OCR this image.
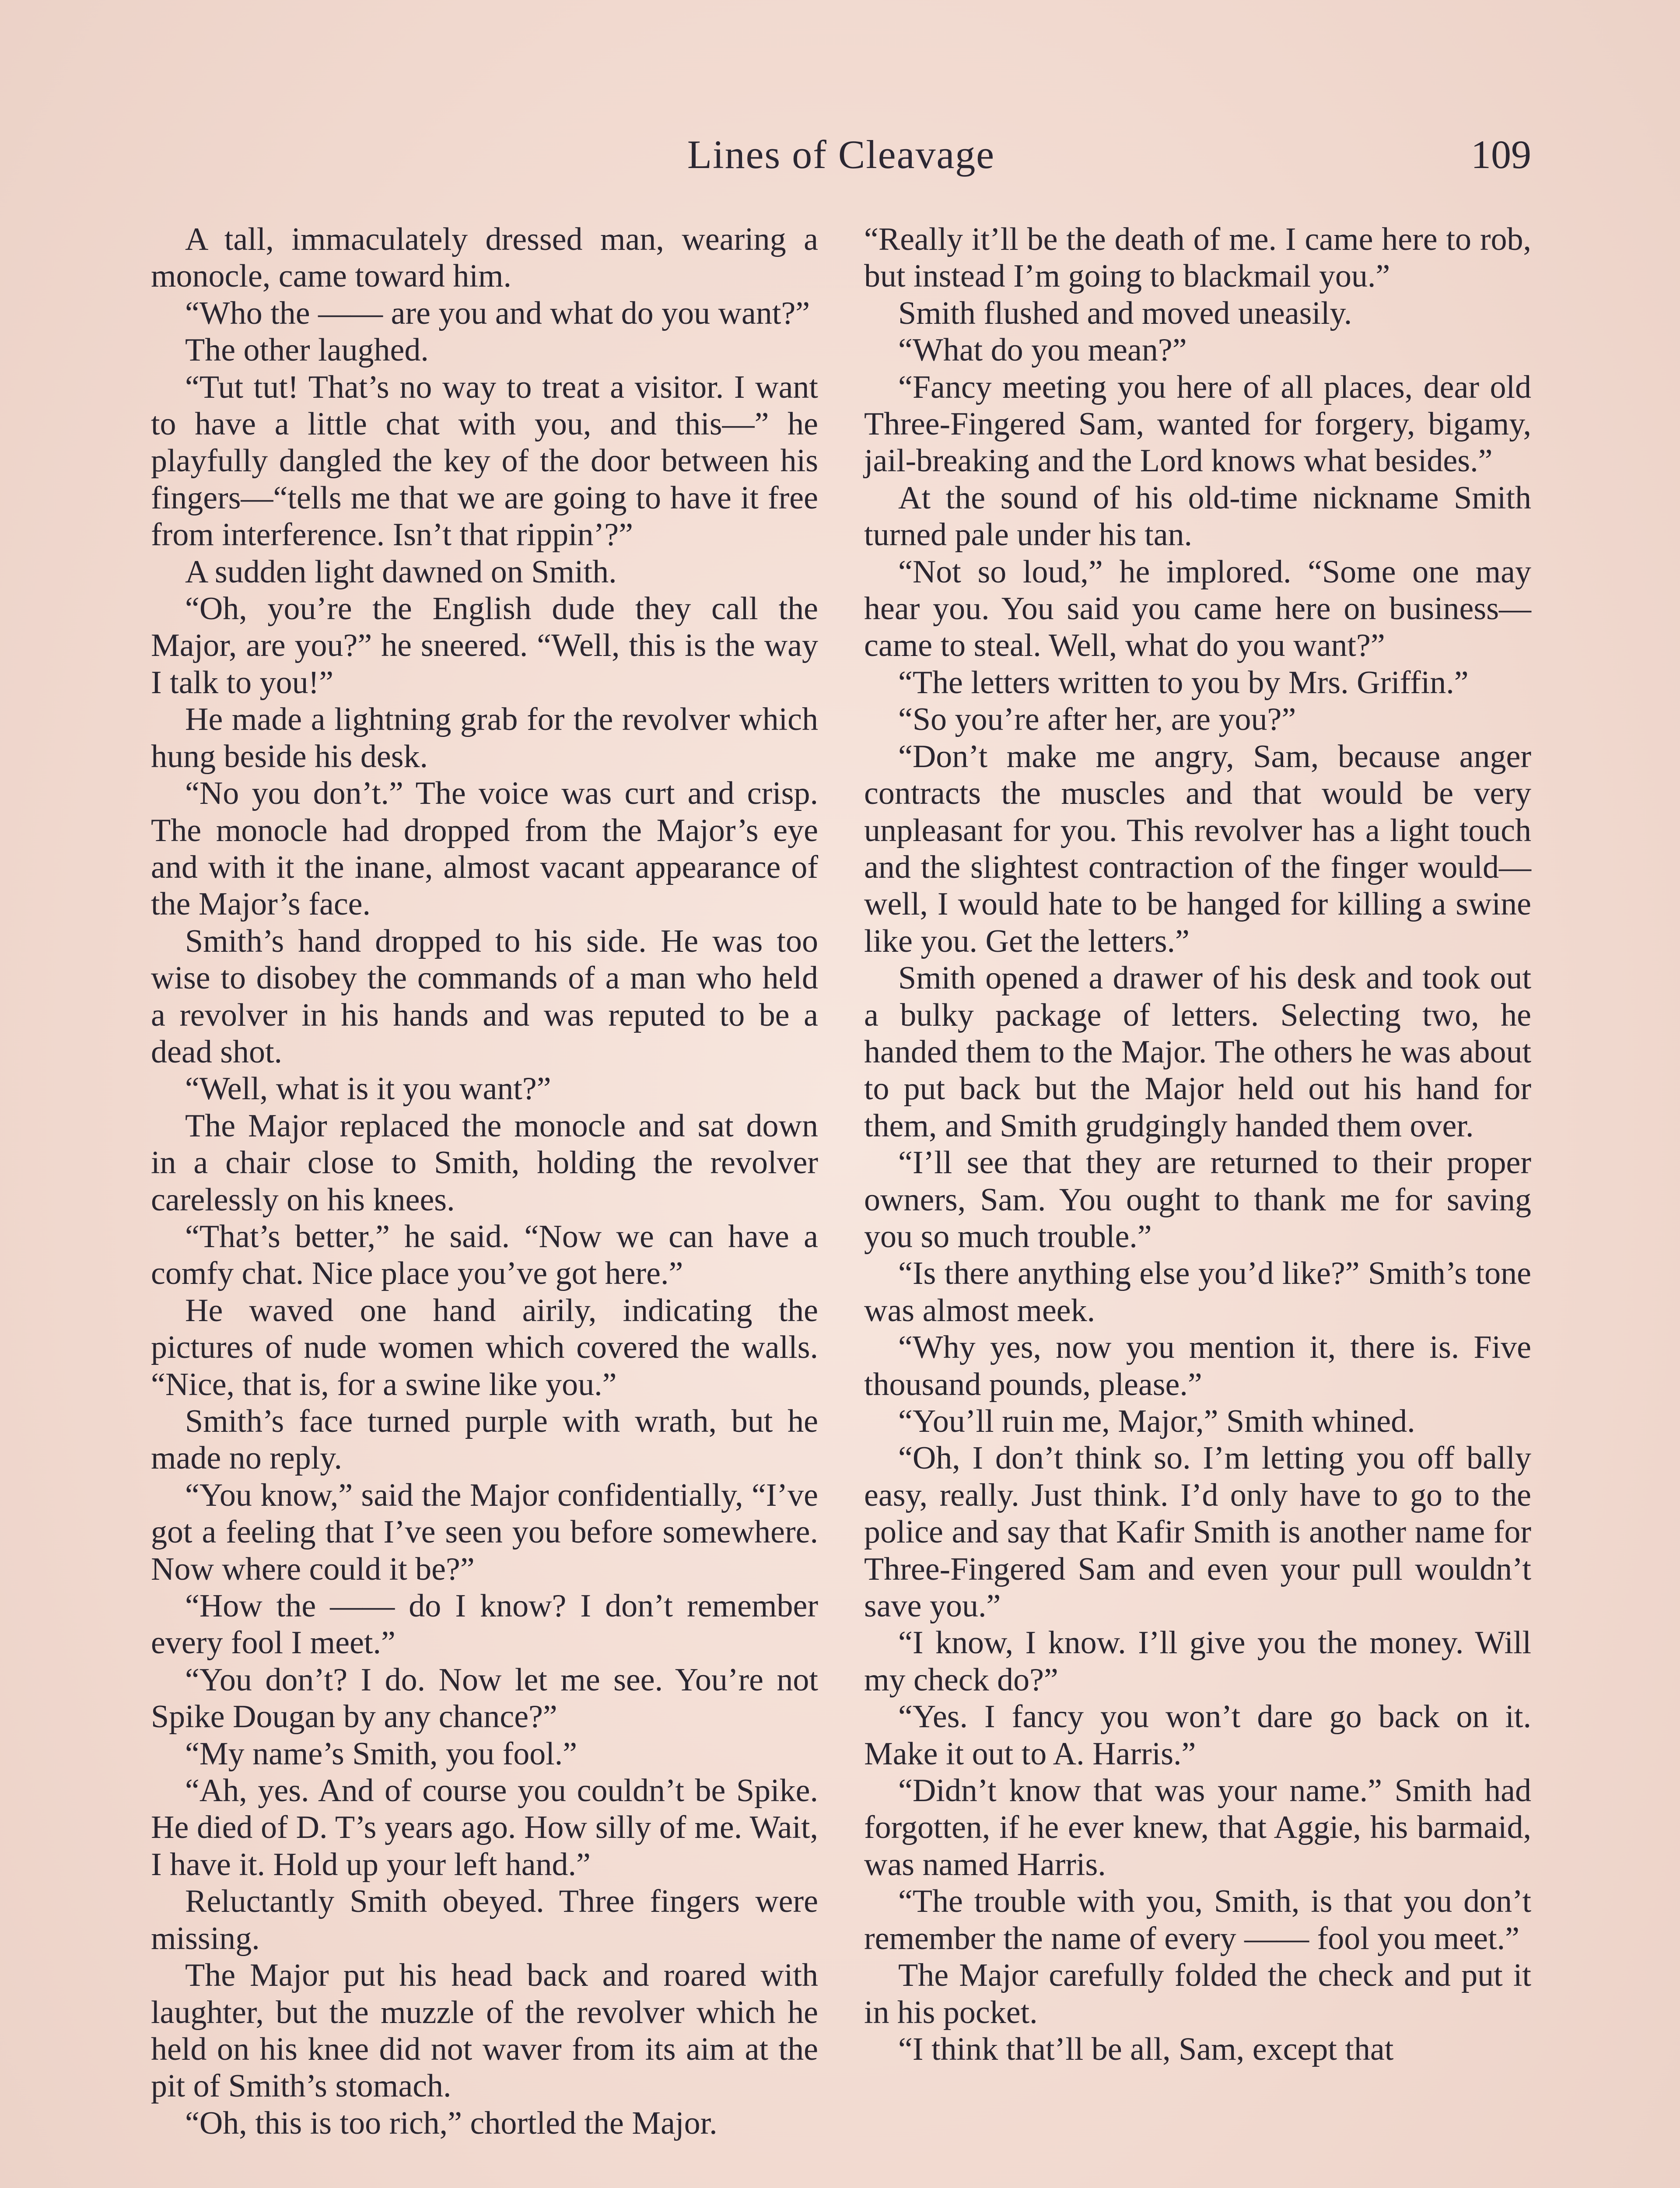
Lines of Cleavage	109

A tall, immaculately dressed man, wearing a monocle, came toward him.

“Who the —— are you and what do you want?”

The other laughed.

“Tut tut! That’s no way to treat a visitor. I want to have a little chat with you, and this—” he playfully dangled the key of the door between his fingers—“tells me that we are going to have it free from interference. Isn’t that rippin’?”

A sudden light dawned on Smith.

“Oh, you’re the English dude they call the Major, are you?” he sneered. “Well, this is the way I talk to you!”

He made a lightning grab for the revolver which hung beside his desk.

“No you don’t.” The voice was curt and crisp. The monocle had dropped from the Major’s eye and with it the inane, almost vacant appearance of the Major’s face.

Smith’s hand dropped to his side. He was too wise to disobey the commands of a man who held a revolver in his hands and was reputed to be a dead shot.

“Well, what is it you want?”

The Major replaced the monocle and sat down in a chair close to Smith, holding the revolver carelessly on his knees.

“That’s better,” he said. “Now we can have a comfy chat. Nice place you’ve got here.”

He waved one hand airily, indicating the pictures of nude women which covered the walls. “Nice, that is, for a swine like you.”

Smith’s face turned purple with wrath, but he made no reply.

“You know,” said the Major confidentially, “I’ve got a feeling that I’ve seen you before somewhere. Now where could it be?”

“How the —— do I know? I don’t remember every fool I meet.”

“You don’t? I do. Now let me see. You’re not Spike Dougan by any chance?”

“My name’s Smith, you fool.”

“Ah, yes. And of course you couldn’t be Spike. He died of D. T’s years ago. How silly of me. Wait, I have it. Hold up your left hand.”

Reluctantly Smith obeyed. Three fingers were missing.

The Major put his head back and roared with laughter, but the muzzle of the revolver which he held on his knee did not waver from its aim at the pit of Smith’s stomach.

“Oh, this is too rich,” chortled the Major.

“Really it’ll be the death of me. I came here to rob, but instead I’m going to blackmail you.”

Smith flushed and moved uneasily.

“What do you mean?”

“Fancy meeting you here of all places, dear old Three-Fingered Sam, wanted for forgery, bigamy, jail-breaking and the Lord knows what besides.”

At the sound of his old-time nickname Smith turned pale under his tan.

“Not so loud,” he implored. “Some one may hear you. You said you came here on business—came to steal. Well, what do you want?”

“The letters written to you by Mrs. Griffin.”

“So you’re after her, are you?”

“Don’t make me angry, Sam, because anger contracts the muscles and that would be very unpleasant for you. This revolver has a light touch and the slightest contraction of the finger would—well, I would hate to be hanged for killing a swine like you. Get the letters.”

Smith opened a drawer of his desk and took out a bulky package of letters. Selecting two, he handed them to the Major. The others he was about to put back but the Major held out his hand for them, and Smith grudgingly handed them over.

“I’ll see that they are returned to their proper owners, Sam. You ought to thank me for saving you so much trouble.”

“Is there anything else you’d like?” Smith’s tone was almost meek.

“Why yes, now you mention it, there is. Five thousand pounds, please.”

“You’ll ruin me, Major,” Smith whined.

“Oh, I don’t think so. I’m letting you off bally easy, really. Just think. I’d only have to go to the police and say that Kafir Smith is another name for Three-Fingered Sam and even your pull wouldn’t save you.”

“I know, I know. I’ll give you the money. Will my check do?”

“Yes. I fancy you won’t dare go back on it. Make it out to A. Harris.”

“Didn’t know that was your name.” Smith had forgotten, if he ever knew, that Aggie, his barmaid, was named Harris.

“The trouble with you, Smith, is that you don’t remember the name of every —— fool you meet.”

The Major carefully folded the check and put it in his pocket.

“I think that’ll be all, Sam, except that
